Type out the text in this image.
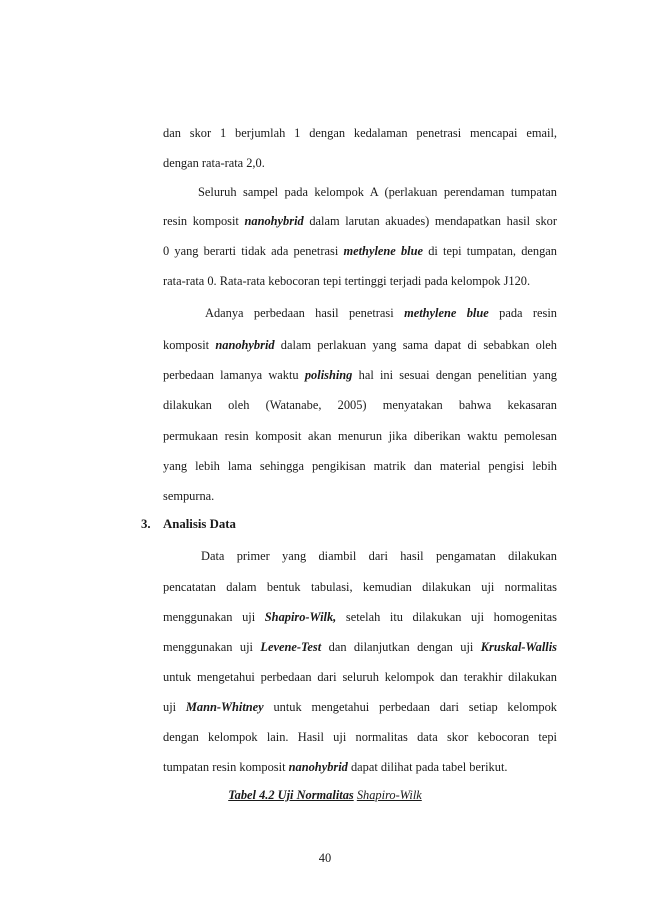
dan skor 1 berjumlah 1 dengan kedalaman penetrasi mencapai email,
dengan rata-rata 2,0.
Seluruh sampel pada kelompok A (perlakuan perendaman tumpatan
resin komposit nanohybrid dalam larutan akuades) mendapatkan hasil skor
0 yang berarti tidak ada penetrasi methylene blue di tepi tumpatan, dengan
rata-rata 0. Rata-rata kebocoran tepi tertinggi terjadi pada kelompok J120.
Adanya perbedaan hasil penetrasi methylene blue pada resin
komposit nanohybrid dalam perlakuan yang sama dapat di sebabkan oleh
perbedaan lamanya waktu polishing hal ini sesuai dengan penelitian yang
dilakukan oleh (Watanabe, 2005) menyatakan bahwa kekasaran
permukaan resin komposit akan menurun jika diberikan waktu pemolesan
yang lebih lama sehingga pengikisan matrik dan material pengisi lebih
sempurna.
3. Analisis Data
Data primer yang diambil dari hasil pengamatan dilakukan
pencatatan dalam bentuk tabulasi, kemudian dilakukan uji normalitas
menggunakan uji Shapiro-Wilk, setelah itu dilakukan uji homogenitas
menggunakan uji Levene-Test dan dilanjutkan dengan uji Kruskal-Wallis
untuk mengetahui perbedaan dari seluruh kelompok dan terakhir dilakukan
uji Mann-Whitney untuk mengetahui perbedaan dari setiap kelompok
dengan kelompok lain. Hasil uji normalitas data skor kebocoran tepi
tumpatan resin komposit nanohybrid dapat dilihat pada tabel berikut.
Tabel 4.2 Uji Normalitas Shapiro-Wilk
40
